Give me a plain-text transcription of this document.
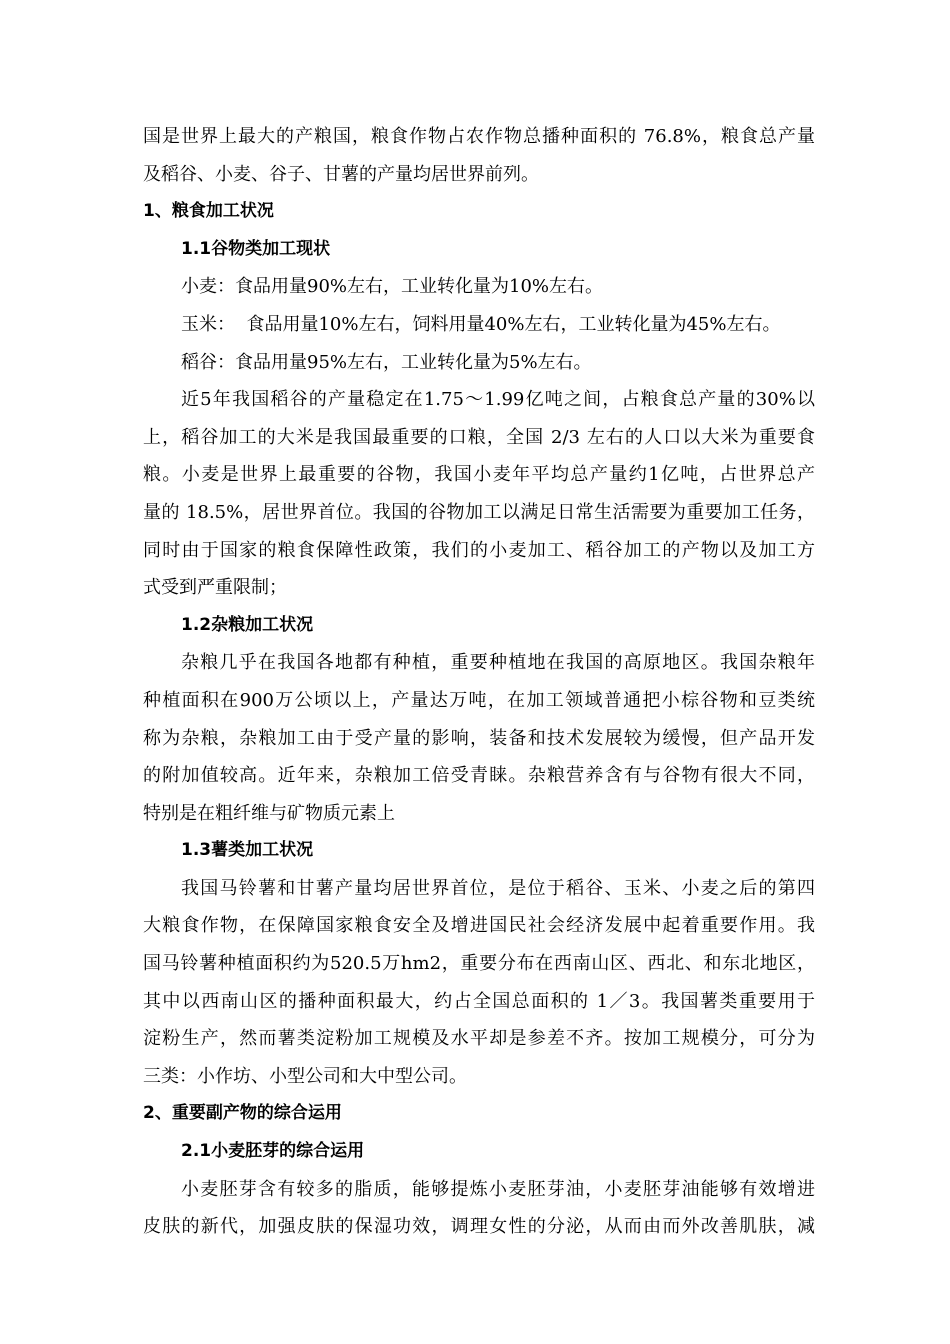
国是世界上最大的产粮国，粮食作物占农作物总播种面积的 76.8%，粮食总产量
及稻谷、小麦、谷子、甘薯的产量均居世界前列。
1、粮食加工状况
1.1谷物类加工现状
小麦：食品用量90%左右，工业转化量为10%左右。
玉米：  食品用量10%左右，饲料用量40%左右，工业转化量为45%左右。
稻谷：食品用量95%左右，工业转化量为5%左右。
近5年我国稻谷的产量稳定在1.75～1.99亿吨之间，占粮食总产量的30%以
上，稻谷加工的大米是我国最重要的口粮，全国 2/3 左右的人口以大米为重要食
粮。小麦是世界上最重要的谷物，我国小麦年平均总产量约1亿吨，占世界总产
量的 18.5%，居世界首位。我国的谷物加工以满足日常生活需要为重要加工任务，
同时由于国家的粮食保障性政策，我们的小麦加工、稻谷加工的产物以及加工方
式受到严重限制；
1.2杂粮加工状况
杂粮几乎在我国各地都有种植，重要种植地在我国的高原地区。我国杂粮年
种植面积在900万公顷以上，产量达万吨，在加工领域普通把小棕谷物和豆类统
称为杂粮，杂粮加工由于受产量的影响，装备和技术发展较为缓慢，但产品开发
的附加值较高。近年来，杂粮加工倍受青睐。杂粮营养含有与谷物有很大不同，
特别是在粗纤维与矿物质元素上
1.3薯类加工状况
我国马铃薯和甘薯产量均居世界首位，是位于稻谷、玉米、小麦之后的第四
大粮食作物，在保障国家粮食安全及增进国民社会经济发展中起着重要作用。我
国马铃薯种植面积约为520.5万hm2，重要分布在西南山区、西北、和东北地区，
其中以西南山区的播种面积最大，约占全国总面积的 1／3。我国薯类重要用于
淀粉生产，然而薯类淀粉加工规模及水平却是参差不齐。按加工规模分，可分为
三类：小作坊、小型公司和大中型公司。
2、重要副产物的综合运用
2.1小麦胚芽的综合运用
小麦胚芽含有较多的脂质，能够提炼小麦胚芽油，小麦胚芽油能够有效增进
皮肤的新代，加强皮肤的保湿功效，调理女性的分泌，从而由而外改善肌肤，减
